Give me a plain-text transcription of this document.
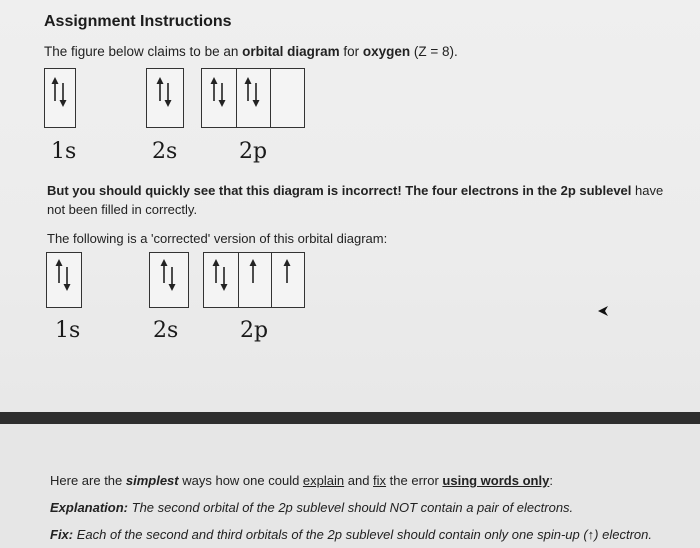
Assignment Instructions
The figure below claims to be an orbital diagram for oxygen (Z = 8).
1s	2s	2p
But you should quickly see that this diagram is incorrect! The four electrons in the 2p sublevel have
not been filled in correctly.
The following is a 'corrected' version of this orbital diagram:
1s	2s	2p
Here are the simplest ways how one could explain and fix the error using words only:
Explanation: The second orbital of the 2p sublevel should NOT contain a pair of electrons.
Fix: Each of the second and third orbitals of the 2p sublevel should contain only one spin-up (↑) electron.
